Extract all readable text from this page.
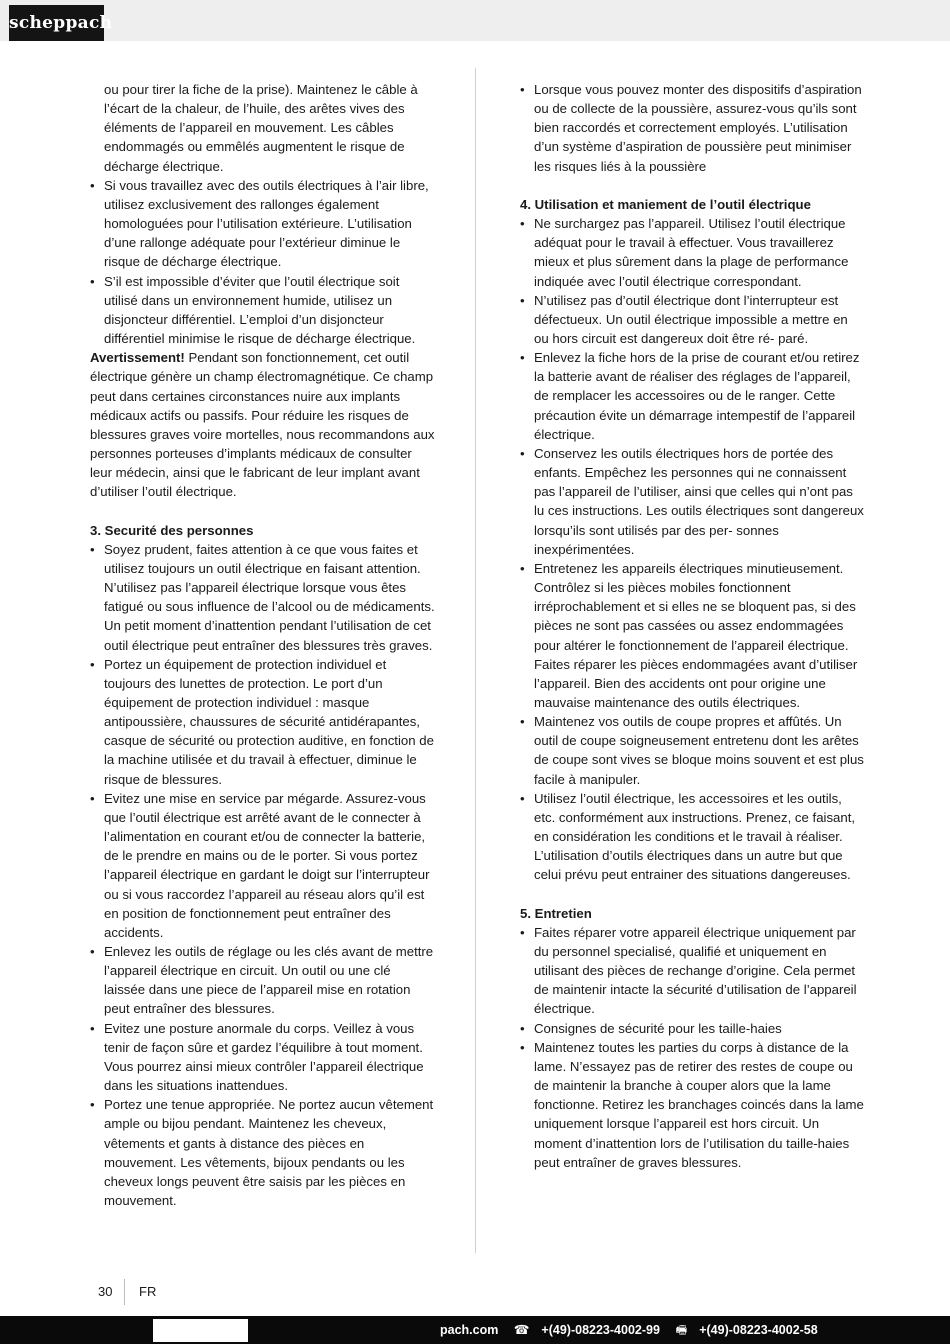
scheppach

ou pour tirer la fiche de la prise). Maintenez le câble à l’écart de la chaleur, de l’huile, des arêtes vives des éléments de l’appareil en mouvement. Les câbles endommagés ou emmêlés augmentent le risque de décharge électrique.

• Si vous travaillez avec des outils électriques à l’air libre, utilisez exclusivement des rallonges également homologuées pour l’utilisation extérieure. L’utilisation d’une rallonge adéquate pour l’extérieur diminue le risque de décharge électrique.

• S’il est impossible d’éviter que l’outil électrique soit utilisé dans un environnement humide, utilisez un disjoncteur différentiel. L’emploi d’un disjoncteur différentiel minimise le risque de décharge électrique.

Avertissement! Pendant son fonctionnement, cet outil électrique génère un champ électromagnétique. Ce champ peut dans certaines circonstances nuire aux implants médicaux actifs ou passifs. Pour réduire les risques de blessures graves voire mortelles, nous recommandons aux personnes porteuses d’implants médicaux de consulter leur médecin, ainsi que le fabricant de leur implant avant d’utiliser l’outil électrique.

3. Securité des personnes

• Soyez prudent, faites attention à ce que vous faites et utilisez toujours un outil électrique en faisant attention. N’utilisez pas l’appareil électrique lorsque vous êtes fatigué ou sous influence de l’alcool ou de médicaments. Un petit moment d’inattention pendant l’utilisation de cet outil électrique peut entraîner des blessures très graves.

• Portez un équipement de protection individuel et toujours des lunettes de protection. Le port d’un équipement de protection individuel : masque antipoussière, chaussures de sécurité antidérapantes, casque de sécurité ou protection auditive, en fonction de la machine utilisée et du travail à effectuer, diminue le risque de blessures.

• Evitez une mise en service par mégarde. Assurez-vous que l’outil électrique est arrêté avant de le connecter à l’alimentation en courant et/ou de connecter la batterie, de le prendre en mains ou de le porter. Si vous portez l’appareil électrique en gardant le doigt sur l’interrupteur ou si vous raccordez l’appareil au réseau alors qu’il est en position de fonctionnement peut entraîner des accidents.

• Enlevez les outils de réglage ou les clés avant de mettre l’appareil électrique en circuit. Un outil ou une clé laissée dans une piece de l’appareil mise en rotation peut entraîner des blessures.

• Evitez une posture anormale du corps. Veillez à vous tenir de façon sûre et gardez l’équilibre à tout moment. Vous pourrez ainsi mieux contrôler l’appareil électrique dans les situations inattendues.

• Portez une tenue appropriée. Ne portez aucun vêtement ample ou bijou pendant. Maintenez les cheveux, vêtements et gants à distance des pièces en mouvement. Les vêtements, bijoux pendants ou les cheveux longs peuvent être saisis par les pièces en mouvement.

• Lorsque vous pouvez monter des dispositifs d’aspiration ou de collecte de la poussière, assurez-vous qu’ils sont bien raccordés et correctement employés. L’utilisation d’un système d’aspiration de poussière peut minimiser les risques liés à la poussière

4. Utilisation et maniement de l’outil électrique

• Ne surchargez pas l’appareil. Utilisez l’outil électrique adéquat pour le travail à effectuer. Vous travaillerez mieux et plus sûrement dans la plage de performance indiquée avec l’outil électrique correspondant.

• N’utilisez pas d’outil électrique dont l’interrupteur est défectueux. Un outil électrique impossible a mettre en ou hors circuit est dangereux doit être ré- paré.

• Enlevez la fiche hors de la prise de courant et/ou retirez la batterie avant de réaliser des réglages de l’appareil, de remplacer les accessoires ou de le ranger. Cette précaution évite un démarrage intempestif de l’appareil électrique.

• Conservez les outils électriques hors de portée des enfants. Empêchez les personnes qui ne connaissent pas l’appareil de l’utiliser, ainsi que celles qui n’ont pas lu ces instructions. Les outils électriques sont dangereux lorsqu’ils sont utilisés par des per- sonnes inexpérimentées.

• Entretenez les appareils électriques minutieusement. Contrôlez si les pièces mobiles fonctionnent irréprochablement et si elles ne se bloquent pas, si des pièces ne sont pas cassées ou assez endommagées pour altérer le fonctionnement de l’appareil électrique. Faites réparer les pièces endommagées avant d’utiliser l’appareil. Bien des accidents ont pour origine une mauvaise maintenance des outils électriques.

• Maintenez vos outils de coupe propres et affûtés. Un outil de coupe soigneusement entretenu dont les arêtes de coupe sont vives se bloque moins souvent et est plus facile à manipuler.

• Utilisez l’outil électrique, les accessoires et les outils, etc. conformément aux instructions. Prenez, ce faisant, en considération les conditions et le travail à réaliser. L’utilisation d’outils électriques dans un autre but que celui prévu peut entrainer des situations dangereuses.

5. Entretien

• Faites réparer votre appareil électrique uniquement par du personnel specialisé, qualifié et uniquement en utilisant des pièces de rechange d’origine. Cela permet de maintenir intacte la sécurité d’utilisation de l’appareil électrique.

• Consignes de sécurité pour les taille-haies

• Maintenez toutes les parties du corps à distance de la lame. N’essayez pas de retirer des restes de coupe ou de maintenir la branche à couper alors que la lame fonctionne. Retirez les branchages coincés dans la lame uniquement lorsque l’appareil est hors circuit. Un moment d’inattention lors de l’utilisation du taille-haies peut entraîner de graves blessures.

30 FR
pach.com ☎ +(49)-08223-4002-99 🖷 +(49)-08223-4002-58
